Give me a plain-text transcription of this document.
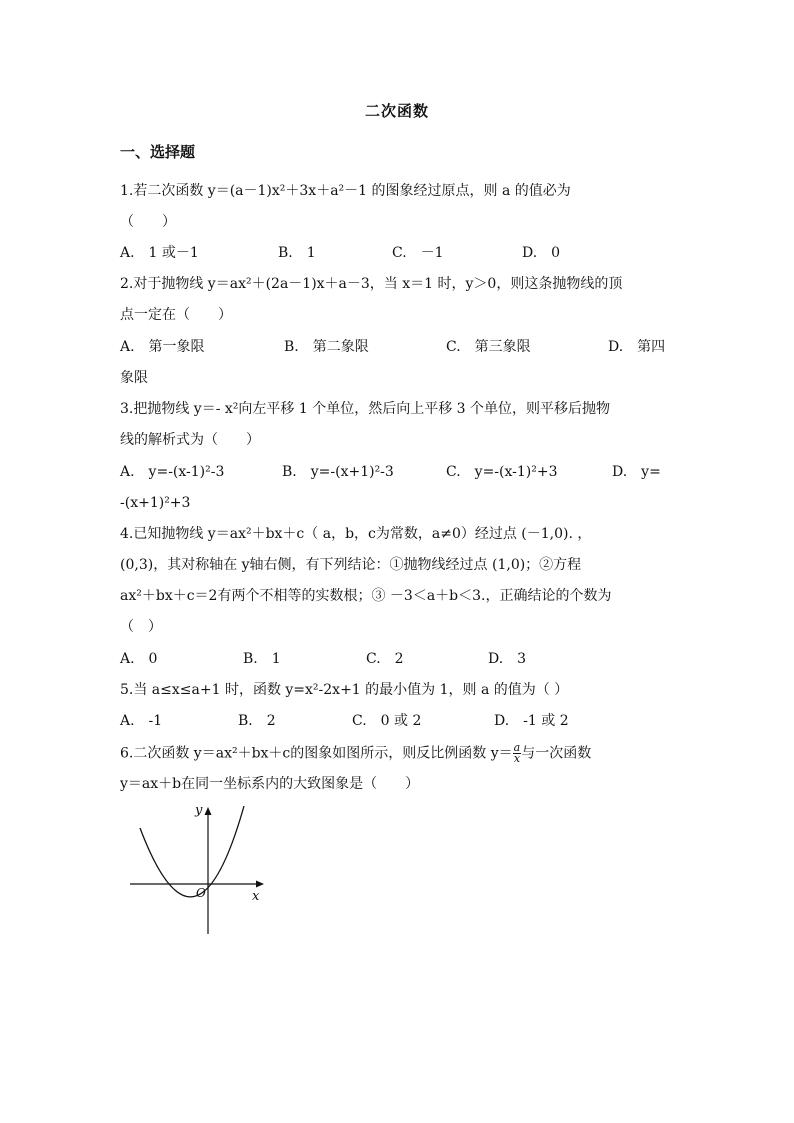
二次函数
一、选择题
1.若二次函数 y＝(a－1)x²＋3x＋a²－1 的图象经过原点，则 a 的值必为
（　　）
A.　1 或－1	B.　1	C.　－1	D.　0
2.对于抛物线 y＝ax²＋(2a－1)x＋a－3，当 x＝1 时，y＞0，则这条抛物线的顶
点一定在（　　）
A.　第一象限	B.　第二象限	C.　第三象限	D.　第四
象限
3.把抛物线 y＝- x²向左平移 1 个单位，然后向上平移 3 个单位，则平移后抛物
线的解析式为（　　）
A.　y=-(x-1)²-3	B.　y=-(x+1)²-3	C.　y=-(x-1)²+3	D.　y=
-(x+1)²+3
4.已知抛物线 y＝ax²＋bx＋c（ a，b，c为常数，a≠0）经过点 (－1,0). ，
(0,3)，其对称轴在 y轴右侧，有下列结论：①抛物线经过点 (1,0)；②方程
ax²＋bx＋c＝2有两个不相等的实数根；③ －3＜a＋b＜3.，正确结论的个数为
（　）
A.　0	B.　1	C.　2	D.　3
5.当 a≤x≤a+1 时，函数 y=x²-2x+1 的最小值为 1，则 a 的值为（ ）
A.　-1	B.　2	C.　0 或 2	D.　-1 或 2
6.二次函数 y＝ax²＋bx＋c的图象如图所示，则反比例函数 $y= \frac{a}{x}$ 与一次函数
y＝ax＋b在同一坐标系内的大致图象是（　　）
y
x
O
